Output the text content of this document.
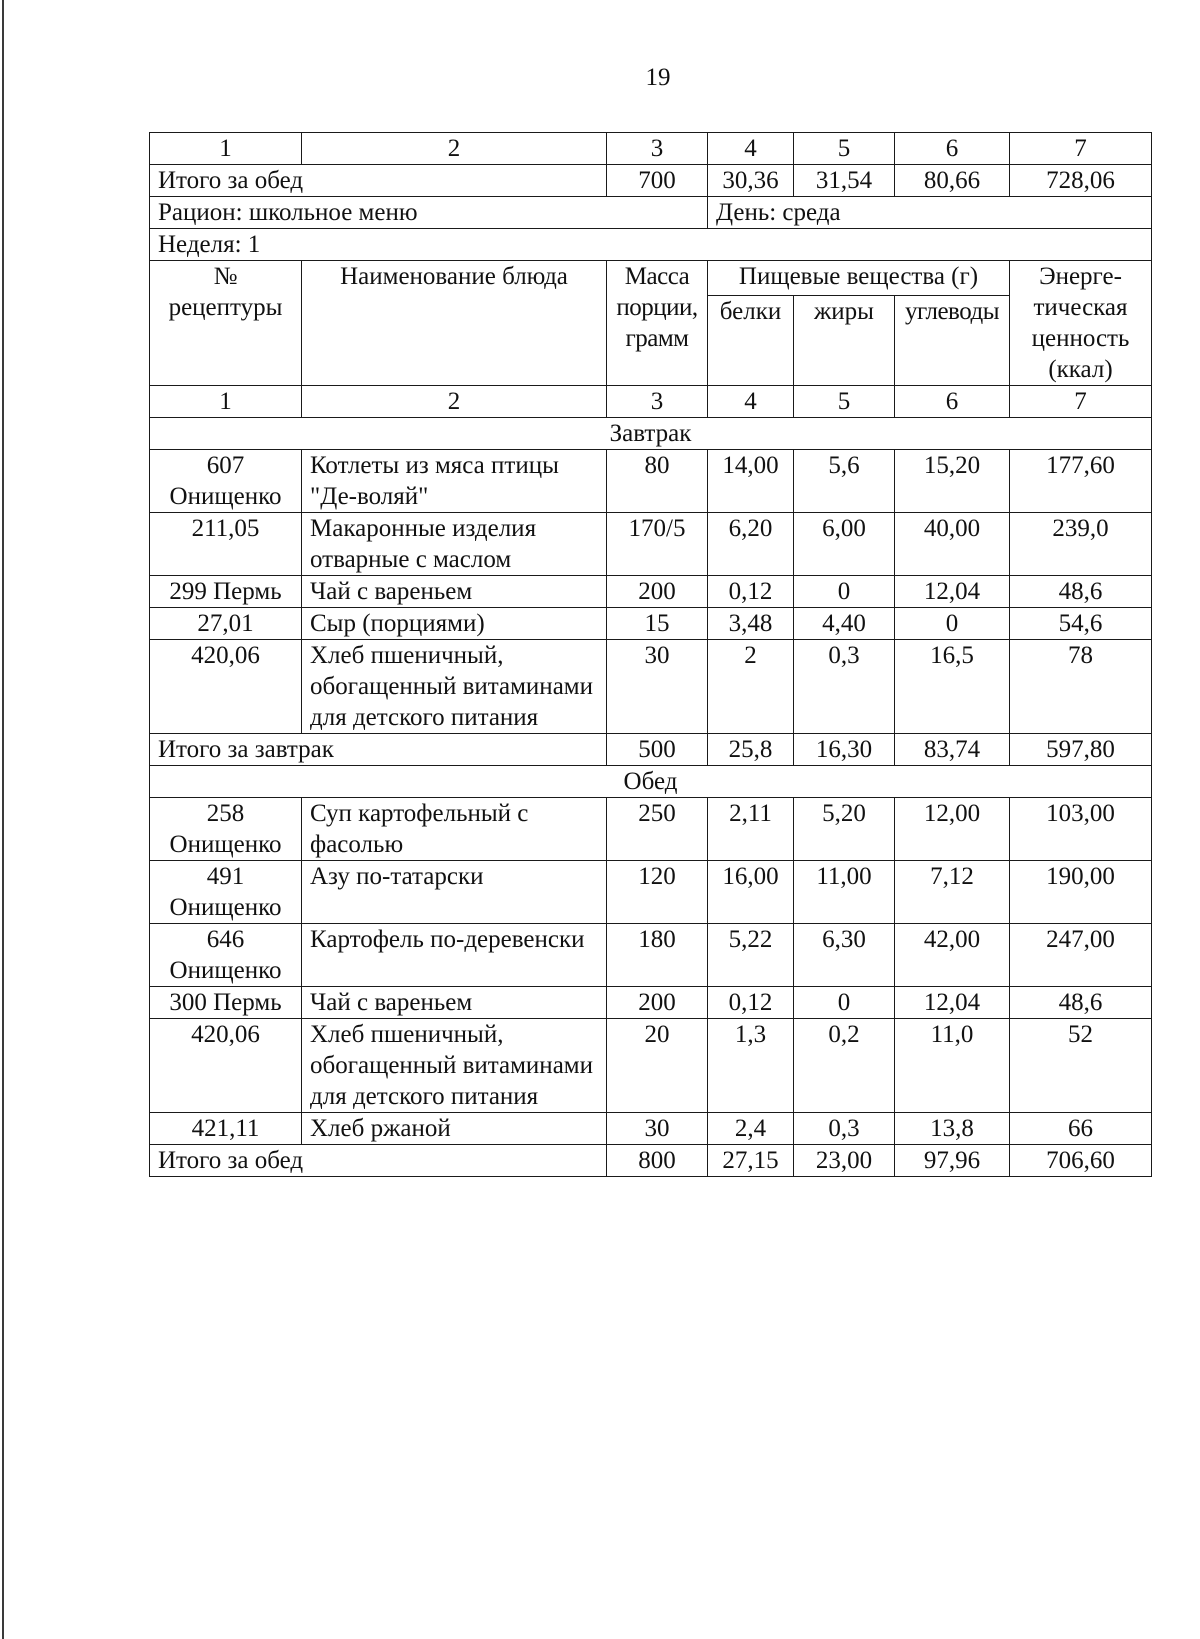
19
1	2	3	4	5	6	7
Итого за обед		700	30,36	31,54	80,66	728,06
Рацион: школьное меню			День: среда			
Неделя: 1						
№ рецептуры	Наименование блюда	Масса порции, грамм	Пищевые вещества (г)			Энерге-тическая ценность (ккал)
			белки	жиры	углеводы	
1	2	3	4	5	6	7
Завтрак						
607 Онищенко	Котлеты из мяса птицы "Де-воляй"	80	14,00	5,6	15,20	177,60
211,05	Макаронные изделия отварные с маслом	170/5	6,20	6,00	40,00	239,0
299 Пермь	Чай с вареньем	200	0,12	0	12,04	48,6
27,01	Сыр (порциями)	15	3,48	4,40	0	54,6
420,06	Хлеб пшеничный, обогащенный витаминами для детского питания	30	2	0,3	16,5	78
Итого за завтрак		500	25,8	16,30	83,74	597,80
Обед						
258 Онищенко	Суп картофельный с фасолью	250	2,11	5,20	12,00	103,00
491 Онищенко	Азу по-татарски	120	16,00	11,00	7,12	190,00
646 Онищенко	Картофель по-деревенски	180	5,22	6,30	42,00	247,00
300 Пермь	Чай с вареньем	200	0,12	0	12,04	48,6
420,06	Хлеб пшеничный, обогащенный витаминами для детского питания	20	1,3	0,2	11,0	52
421,11	Хлеб ржаной	30	2,4	0,3	13,8	66
Итого за обед		800	27,15	23,00	97,96	706,60
